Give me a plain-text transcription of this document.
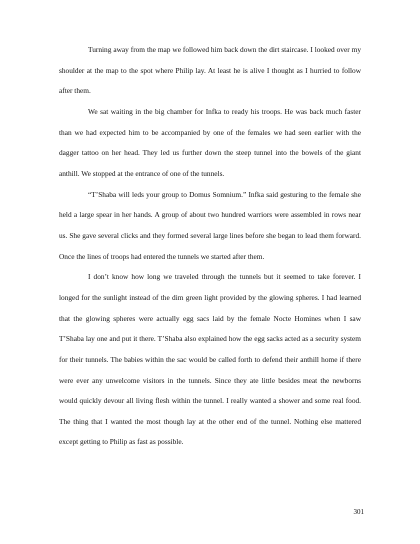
Turning away from the map we followed him back down the dirt staircase. I looked over my shoulder at the map to the spot where Philip lay. At least he is alive I thought as I hurried to follow after them.

We sat waiting in the big chamber for Infka to ready his troops. He was back much faster than we had expected him to be accompanied by one of the females we had seen earlier with the dagger tattoo on her head. They led us further down the steep tunnel into the bowels of the giant anthill. We stopped at the entrance of one of the tunnels.

“T’Shaba will leds your group to Domus Somnium.” Infka said gesturing to the female she held a large spear in her hands. A group of about two hundred warriors were assembled in rows near us. She gave several clicks and they formed several large lines before she began to lead them forward. Once the lines of troops had entered the tunnels we started after them.

I don’t know how long we traveled through the tunnels but it seemed to take forever. I longed for the sunlight instead of the dim green light provided by the glowing spheres. I had learned that the glowing spheres were actually egg sacs laid by the female Nocte Homines when I saw T’Shaba lay one and put it there. T’Shaba also explained how the egg sacks acted as a security system for their tunnels. The babies within the sac would be called forth to defend their anthill home if there were ever any unwelcome visitors in the tunnels. Since they ate little besides meat the newborns would quickly devour all living flesh within the tunnel. I really wanted a shower and some real food. The thing that I wanted the most though lay at the other end of the tunnel. Nothing else mattered except getting to Philip as fast as possible.

301
